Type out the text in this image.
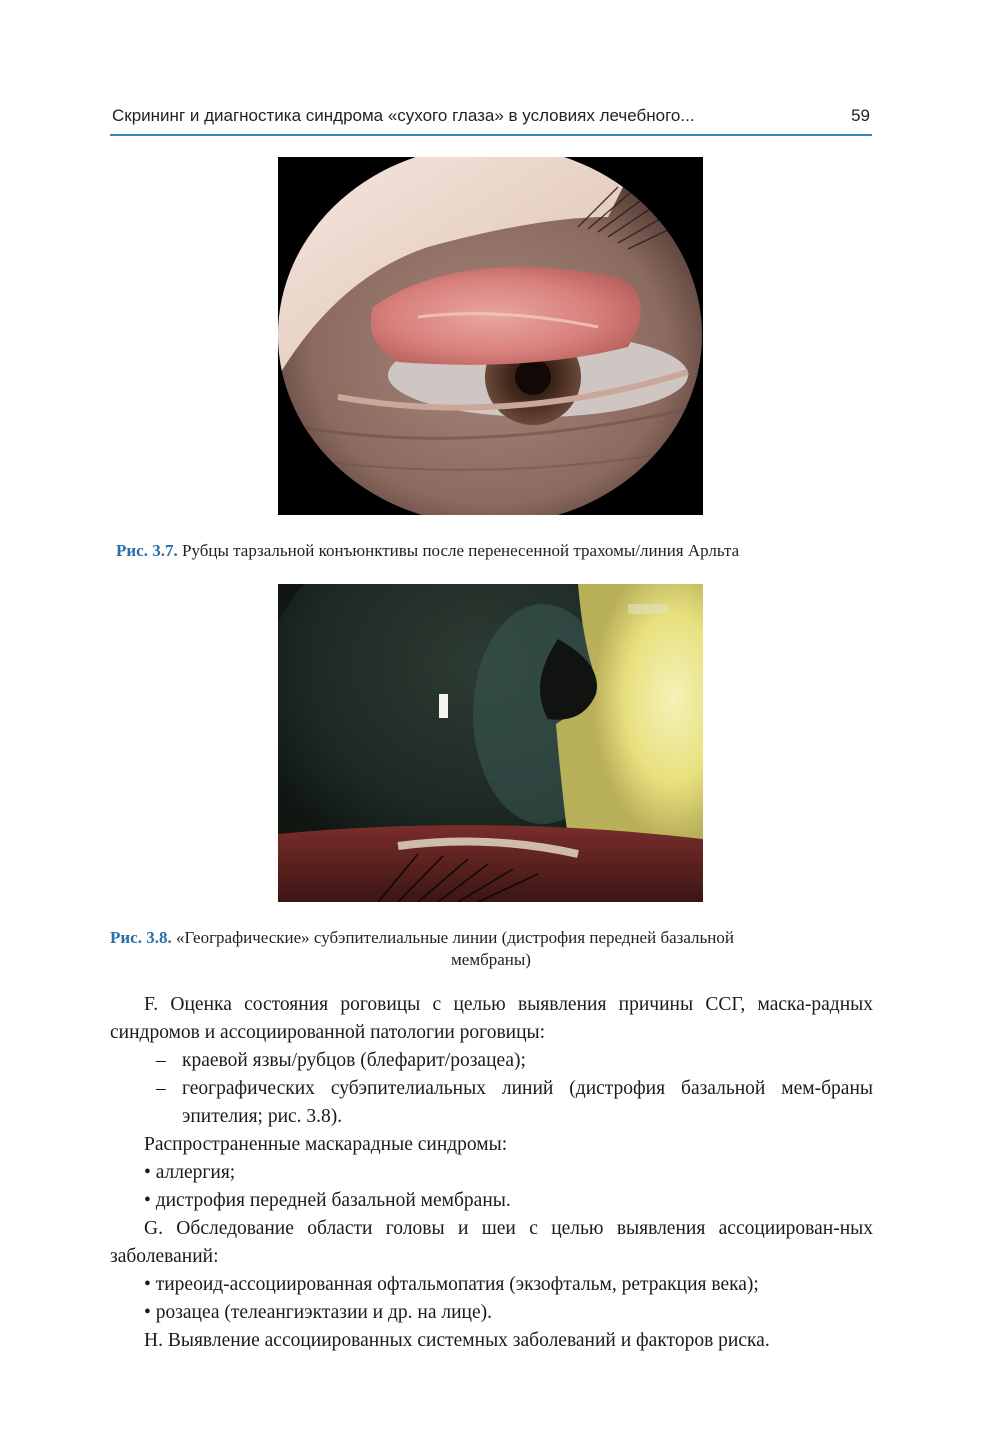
Скрининг и диагностика синдрома «сухого глаза» в условиях лечебного...	59
Рис. 3.7. Рубцы тарзальной конъюнктивы после перенесенной трахомы/линия Арльта
Рис. 3.8. «Географические» субэпителиальные линии (дистрофия передней базальной
мембраны)

F. Оценка состояния роговицы с целью выявления причины ССГ, маска-радных синдромов и ассоциированной патологии роговицы:

– краевой язвы/рубцов (блефарит/розацеа);
– географических субэпителиальных линий (дистрофия базальной мем-браны эпителия; рис. 3.8).

Распространенные маскарадные синдромы:

• аллергия;
• дистрофия передней базальной мембраны.

G. Обследование области головы и шеи с целью выявления ассоциирован-ных заболеваний:

• тиреоид-ассоциированная офтальмопатия (экзофтальм, ретракция века);
• розацеа (телеангиэктазии и др. на лице).

H. Выявление ассоциированных системных заболеваний и факторов риска.
